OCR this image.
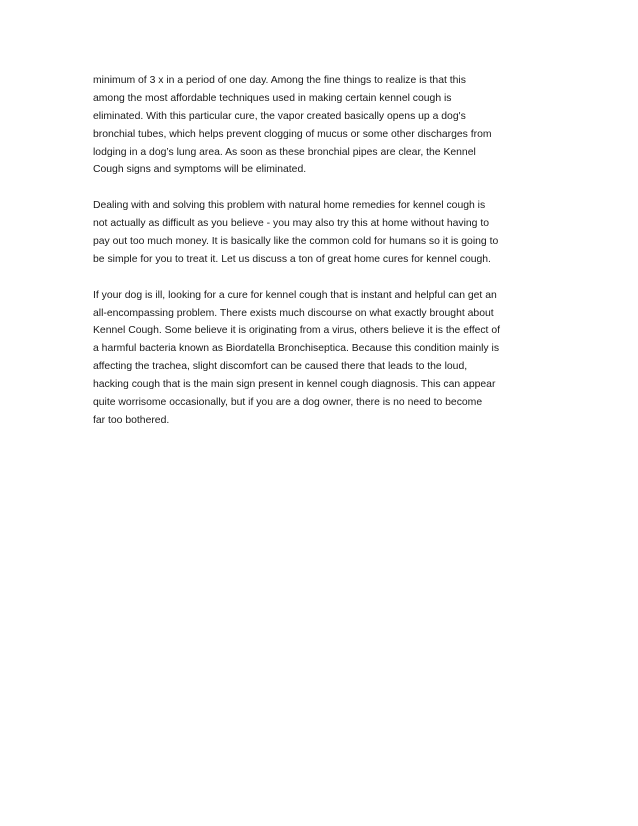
minimum of 3 x in a period of one day. Among the fine things to realize is that this
among the most affordable techniques used in making certain kennel cough is
eliminated. With this particular cure, the vapor created basically opens up a dog's
bronchial tubes, which helps prevent clogging of mucus or some other discharges from
lodging in a dog’s lung area. As soon as these bronchial pipes are clear, the Kennel
Cough signs and symptoms will be eliminated.
Dealing with and solving this problem with natural home remedies for kennel cough is
not actually as difficult as you believe - you may also try this at home without having to
pay out too much money. It is basically like the common cold for humans so it is going to
be simple for you to treat it. Let us discuss a ton of great home cures for kennel cough.
If your dog is ill, looking for a cure for kennel cough that is instant and helpful can get an
all-encompassing problem. There exists much discourse on what exactly brought about
Kennel Cough. Some believe it is originating from a virus, others believe it is the effect of
a harmful bacteria known as Biordatella Bronchiseptica. Because this condition mainly is
affecting the trachea, slight discomfort can be caused there that leads to the loud,
hacking cough that is the main sign present in kennel cough diagnosis. This can appear
quite worrisome occasionally, but if you are a dog owner, there is no need to become
far too bothered.
